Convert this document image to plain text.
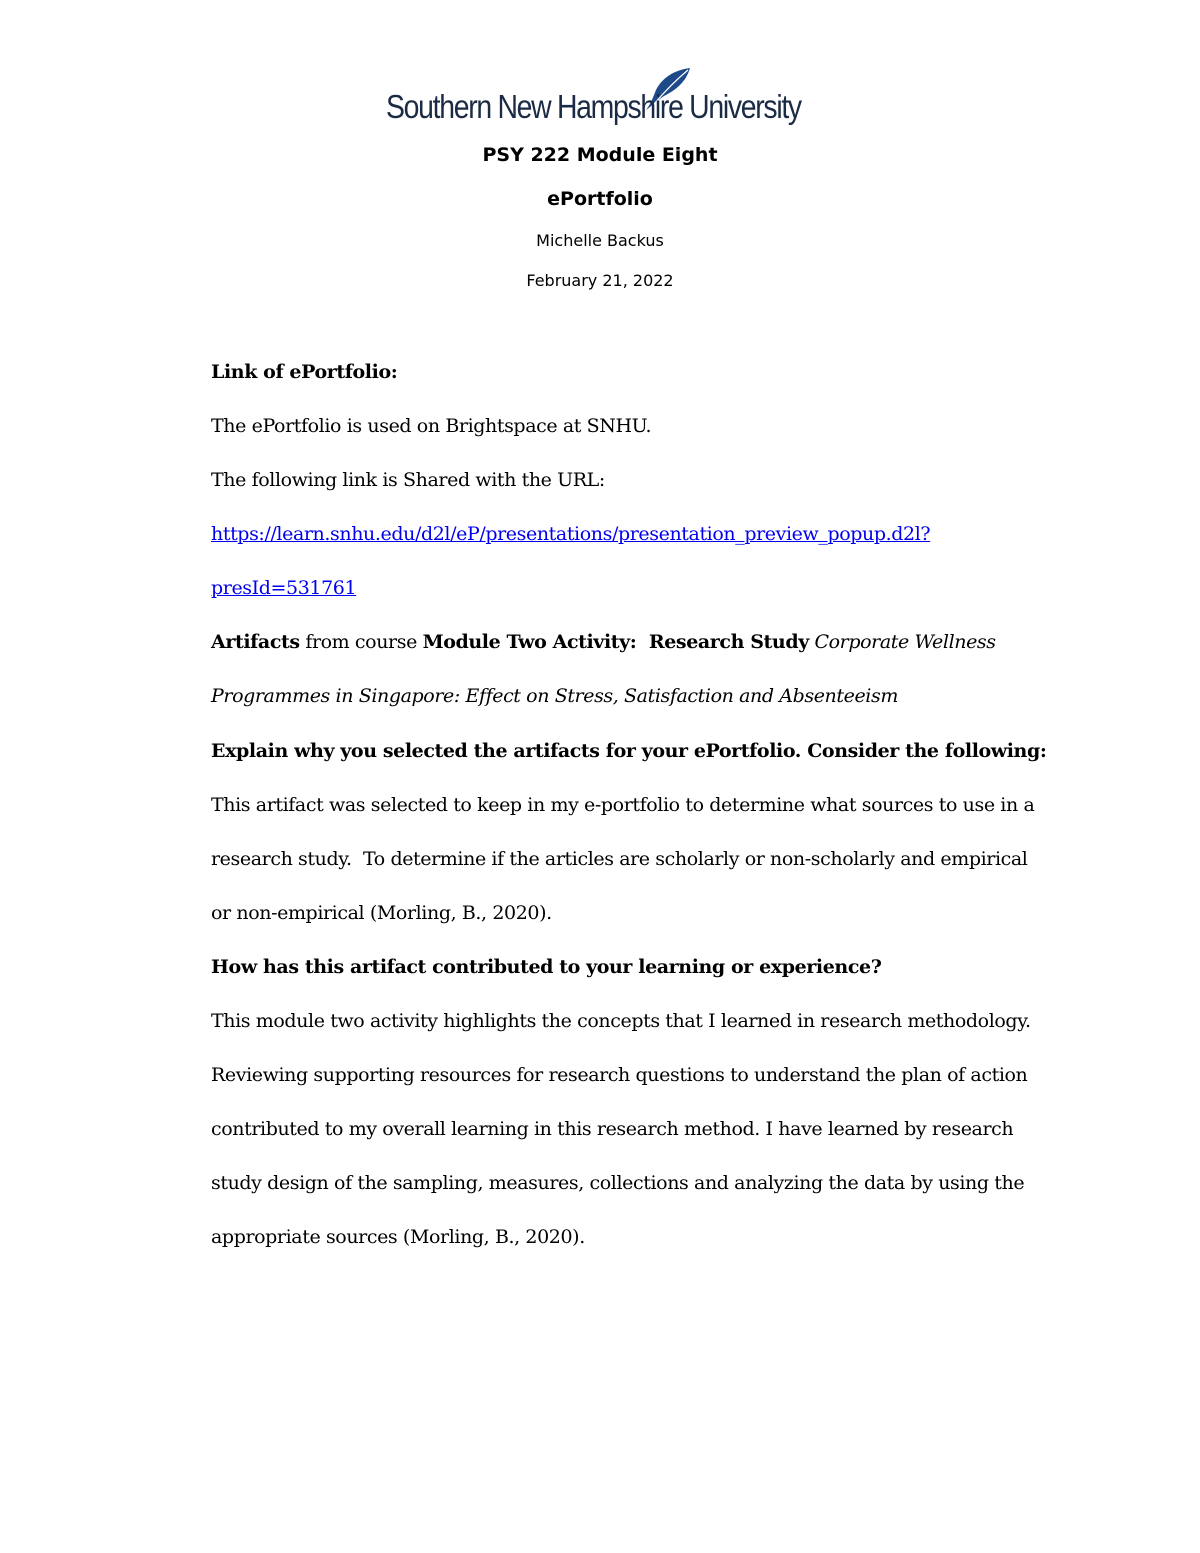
Southern New Hampshire University
PSY 222 Module Eight
ePortfolio
Michelle Backus
February 21, 2022
Link of ePortfolio:
The ePortfolio is used on Brightspace at SNHU.
The following link is Shared with the URL:
https://learn.snhu.edu/d2l/eP/presentations/presentation_preview_popup.d2l?
presId=531761
Artifacts from course Module Two Activity:  Research Study Corporate Wellness
Programmes in Singapore: Effect on Stress, Satisfaction and Absenteeism
Explain why you selected the artifacts for your ePortfolio. Consider the following:
This artifact was selected to keep in my e-portfolio to determine what sources to use in a
research study.  To determine if the articles are scholarly or non-scholarly and empirical
or non-empirical (Morling, B., 2020).
How has this artifact contributed to your learning or experience?
This module two activity highlights the concepts that I learned in research methodology.
Reviewing supporting resources for research questions to understand the plan of action
contributed to my overall learning in this research method. I have learned by research
study design of the sampling, measures, collections and analyzing the data by using the
appropriate sources (Morling, B., 2020).
